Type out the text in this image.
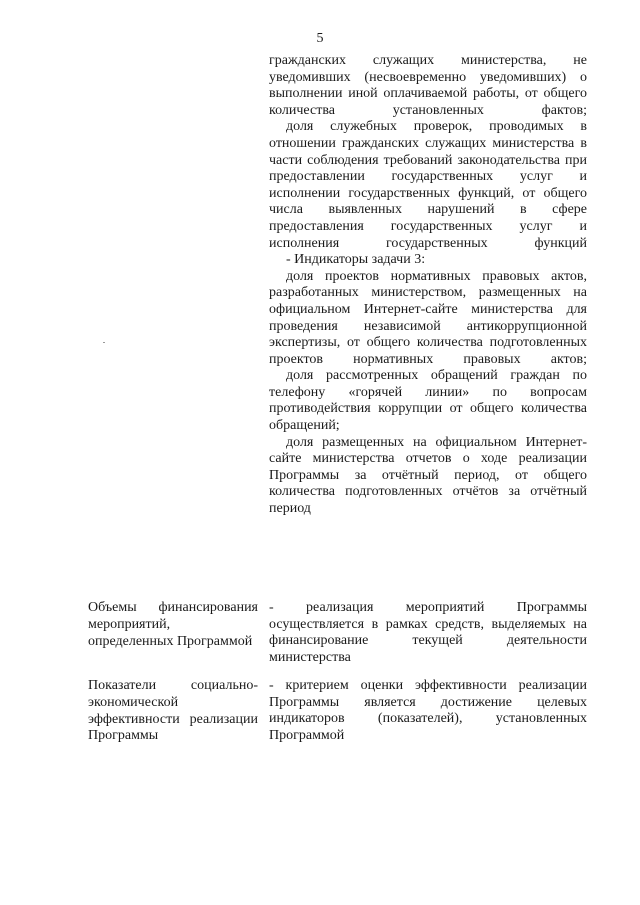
5

гражданских служащих министерства, не уведомивших (несвоевременно уведомивших) о выполнении иной оплачиваемой работы, от общего количества установленных фактов;

доля служебных проверок, проводимых в отношении гражданских служащих министерства в части соблюдения требований законодательства при предоставлении государственных услуг и исполнении государственных функций, от общего числа выявленных нарушений в сфере предоставления государственных услуг и исполнения государственных функций

- Индикаторы задачи 3:

доля проектов нормативных правовых актов, разработанных министерством, размещенных на официальном Интернет-сайте министерства для проведения независимой антикоррупционной экспертизы, от общего количества подготовленных проектов нормативных правовых актов;

доля рассмотренных обращений граждан по телефону «горячей линии» по вопросам противодействия коррупции от общего количества обращений;

доля размещенных на официальном Интернет-сайте министерства отчетов о ходе реализации Программы за отчётный период, от общего количества подготовленных отчётов за отчётный период

Объемы финансирования мероприятий, определенных Программой

- реализация мероприятий Программы осуществляется в рамках средств, выделяемых на финансирование текущей деятельности министерства

Показатели социально-экономической эффективности реализации Программы

- критерием оценки эффективности реализации Программы является достижение целевых индикаторов (показателей), установленных Программой
